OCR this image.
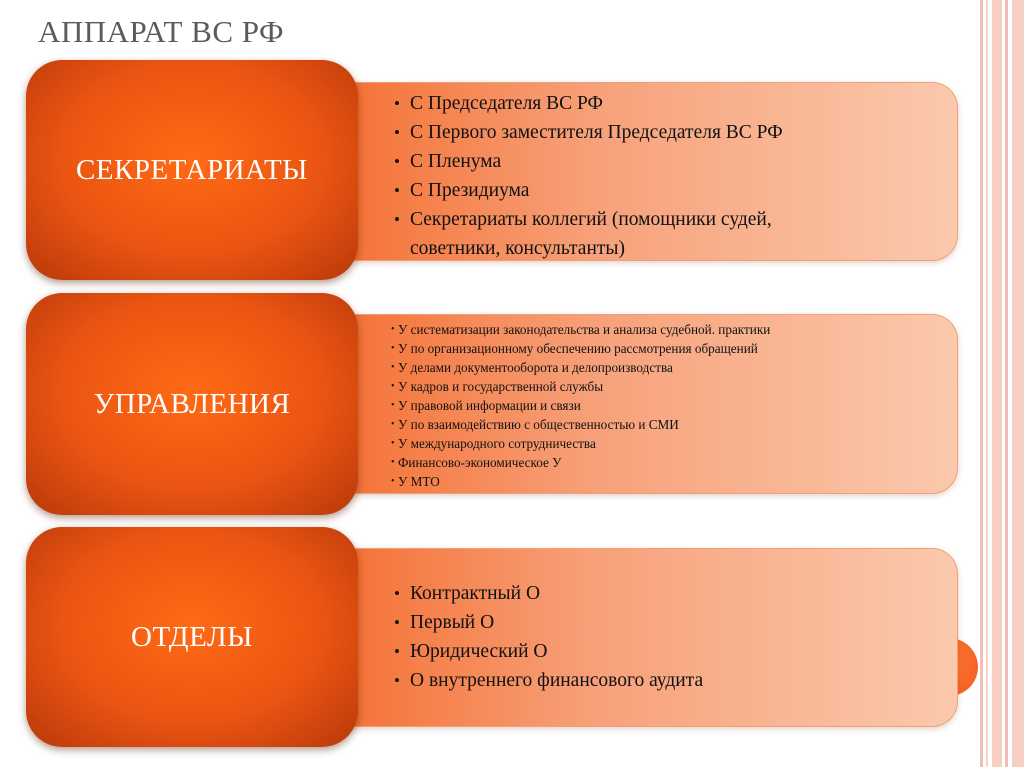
АППАРАТ ВС РФ
• С Председателя ВС РФ
• С Первого заместителя Председателя ВС РФ
• С Пленума
• С Президиума
• Секретариаты коллегий (помощники судей,
советники, консультанты)
СЕКРЕТАРИАТЫ
• У систематизации законодательства и анализа судебной. практики
• У по организационному обеспечению рассмотрения обращений
• У делами документооборота и делопроизводства
• У кадров и государственной службы
• У правовой информации и связи
• У по взаимодействию с общественностью и СМИ
• У международного сотрудничества
• Финансово-экономическое У
• У МТО
УПРАВЛЕНИЯ
• Контрактный О
• Первый О
• Юридический О
• О внутреннего финансового аудита
ОТДЕЛЫ
